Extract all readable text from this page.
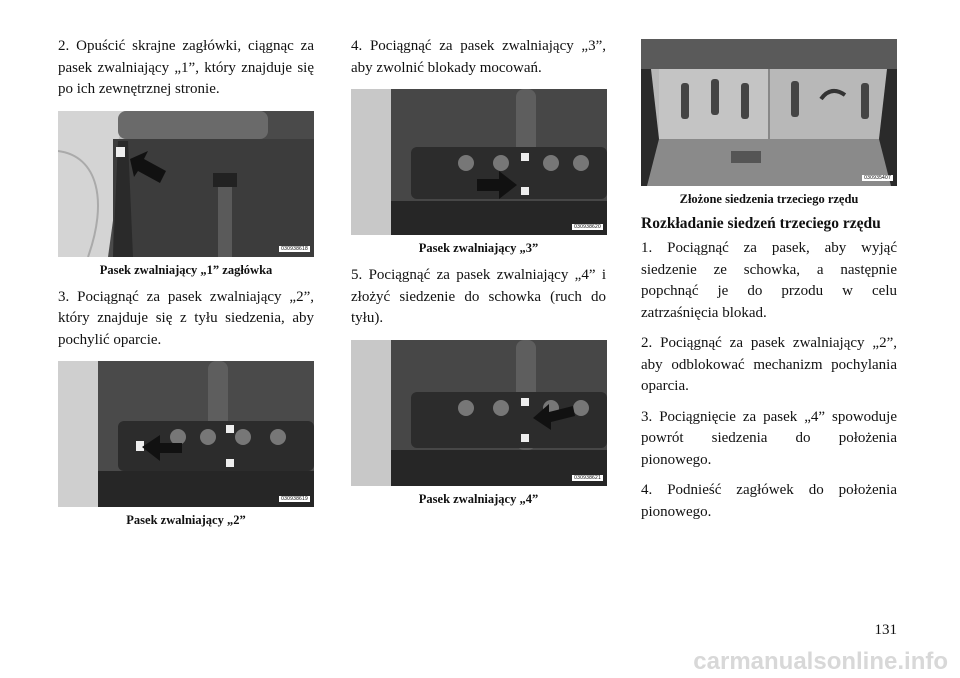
2. Opuścić skrajne zagłówki, ciągnąc za pasek zwalniający „1”, który znajduje się po ich zewnętrznej stronie.

030938618

Pasek zwalniający „1” zagłówka

3. Pociągnąć za pasek zwalniający „2”, który znajduje się z tyłu siedzenia, aby pochylić oparcie.

030938619

Pasek zwalniający „2”

4. Pociągnąć za pasek zwalniający „3”, aby zwolnić blokady mocowań.

030938620

Pasek zwalniający „3”

5. Pociągnąć za pasek zwalniający „4” i złożyć siedzenie do schowka (ruch do tyłu).

030938621

Pasek zwalniający „4”

030935407

Złożone siedzenia trzeciego rzędu

Rozkładanie siedzeń trzeciego rzędu

1. Pociągnąć za pasek, aby wyjąć siedzenie ze schowka, a następnie popchnąć je do przodu w celu zatrzaśnięcia blokad.

2. Pociągnąć za pasek zwalniający „2”, aby odblokować mechanizm pochylania oparcia.

3. Pociągnięcie za pasek „4” spowoduje powrót siedzenia do położenia pionowego.

4. Podnieść zagłówek do położenia pionowego.

131
carmanualsonline.info
